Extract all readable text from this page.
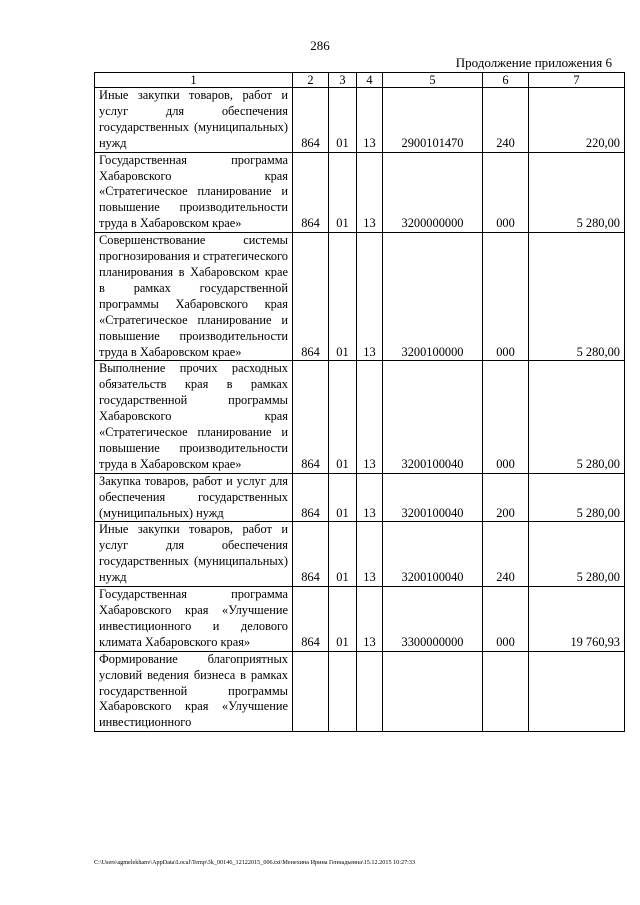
286
Продолжение приложения 6
1	2	3	4	5	6	7
Иные закупки товаров, работ и услуг для обеспечения государственных (муниципальных) нужд	864	01	13	2900101470	240	220,00
Государственная программа Хабаровского края «Стратегическое планирование и повышение производительности труда в Хабаровском крае»	864	01	13	3200000000	000	5 280,00
Совершенствование системы прогнозирования и стратегического планирования в Хабаровском крае в рамках государственной программы Хабаровского края «Стратегическое планирование и повышение производительности труда в Хабаровском крае»	864	01	13	3200100000	000	5 280,00
Выполнение прочих расходных обязательств края в рамках государственной программы Хабаровского края «Стратегическое планирование и повышение производительности труда в Хабаровском крае»	864	01	13	3200100040	000	5 280,00
Закупка товаров, работ и услуг для обеспечения государственных (муниципальных) нужд	864	01	13	3200100040	200	5 280,00
Иные закупки товаров, работ и услуг для обеспечения государственных (муниципальных) нужд	864	01	13	3200100040	240	5 280,00
Государственная программа Хабаровского края «Улучшение инвестиционного и делового климата Хабаровского края»	864	01	13	3300000000	000	19 760,93
Формирование благоприятных условий ведения бизнеса в рамках государственной программы Хабаровского края «Улучшение инвестиционного						
C:\Users\agmelekhanv\AppData\Local\Temp\3k_00146_12122015_006.txt\Менехина Ирина Геннадьевна\15.12.2015 10:27:33
